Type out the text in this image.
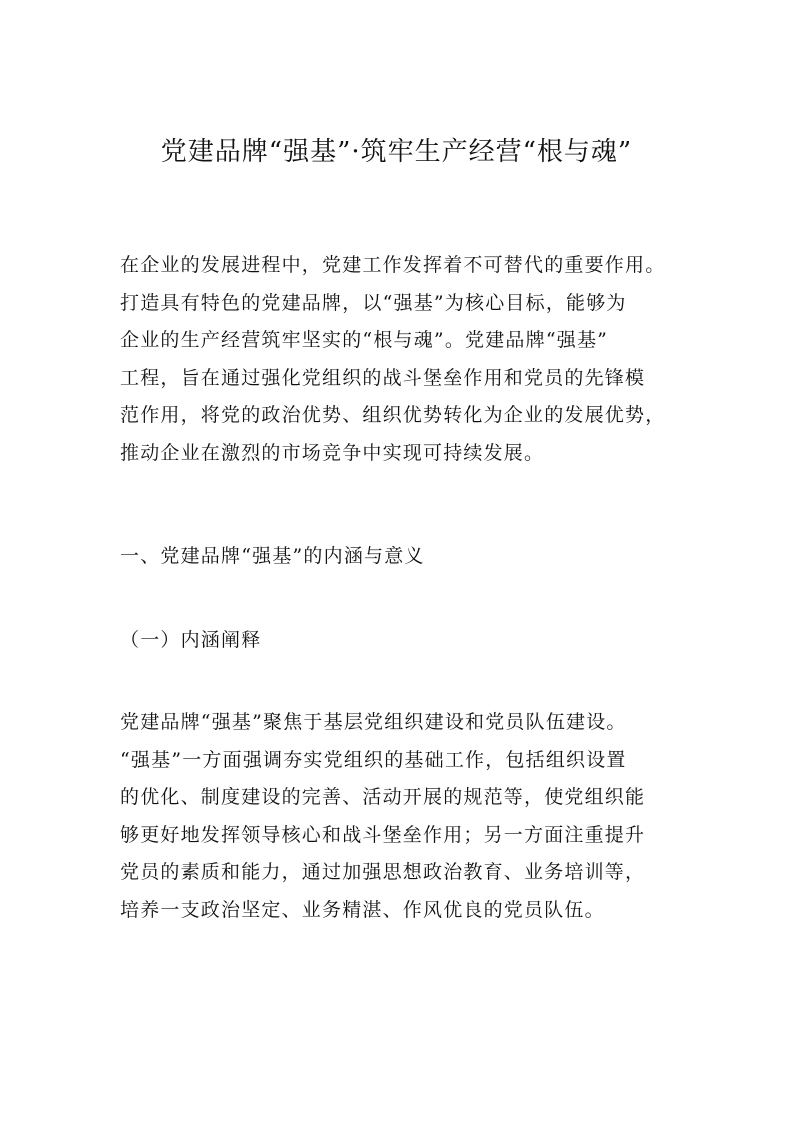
党建品牌“强基”·筑牢生产经营“根与魂”
在企业的发展进程中，党建工作发挥着不可替代的重要作用。
打造具有特色的党建品牌，以“强基”为核心目标，能够为
企业的生产经营筑牢坚实的“根与魂”。党建品牌“强基”
工程，旨在通过强化党组织的战斗堡垒作用和党员的先锋模
范作用，将党的政治优势、组织优势转化为企业的发展优势，
推动企业在激烈的市场竞争中实现可持续发展。
一、党建品牌“强基”的内涵与意义
（一）内涵阐释
党建品牌“强基”聚焦于基层党组织建设和党员队伍建设。
“强基”一方面强调夯实党组织的基础工作，包括组织设置
的优化、制度建设的完善、活动开展的规范等，使党组织能
够更好地发挥领导核心和战斗堡垒作用；另一方面注重提升
党员的素质和能力，通过加强思想政治教育、业务培训等，
培养一支政治坚定、业务精湛、作风优良的党员队伍。
